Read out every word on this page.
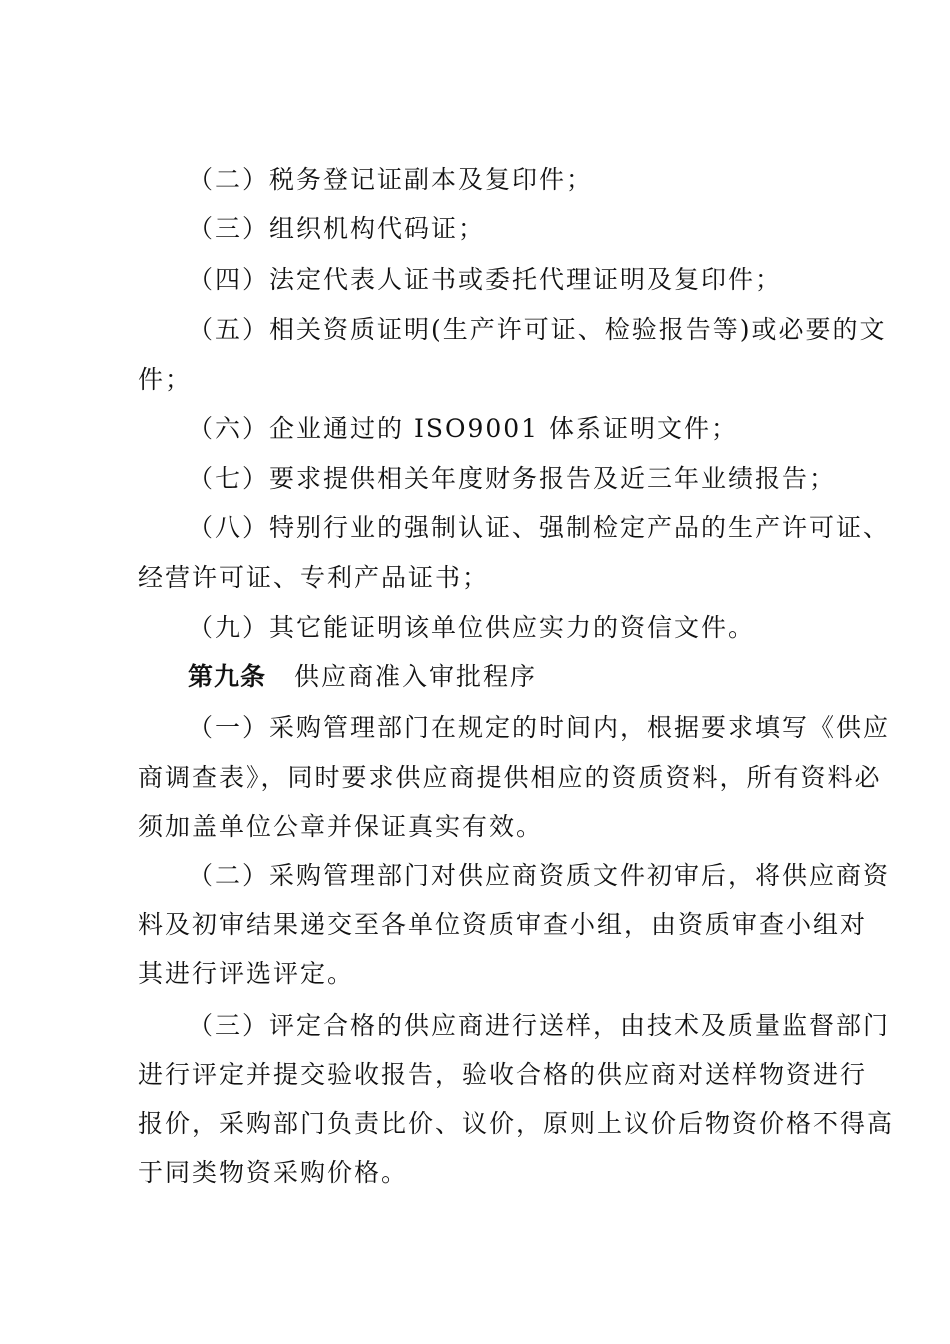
（二）税务登记证副本及复印件；
（三）组织机构代码证；
（四）法定代表人证书或委托代理证明及复印件；
（五）相关资质证明(生产许可证、检验报告等)或必要的文
件；
（六）企业通过的 ISO9001 体系证明文件；
（七）要求提供相关年度财务报告及近三年业绩报告；
（八）特别行业的强制认证、强制检定产品的生产许可证、
经营许可证、专利产品证书；
（九）其它能证明该单位供应实力的资信文件。
第九条 供应商准入审批程序
（一）采购管理部门在规定的时间内，根据要求填写《供应
商调查表》，同时要求供应商提供相应的资质资料，所有资料必
须加盖单位公章并保证真实有效。
（二）采购管理部门对供应商资质文件初审后，将供应商资
料及初审结果递交至各单位资质审查小组，由资质审查小组对
其进行评选评定。
（三）评定合格的供应商进行送样，由技术及质量监督部门
进行评定并提交验收报告，验收合格的供应商对送样物资进行
报价，采购部门负责比价、议价，原则上议价后物资价格不得高
于同类物资采购价格。
